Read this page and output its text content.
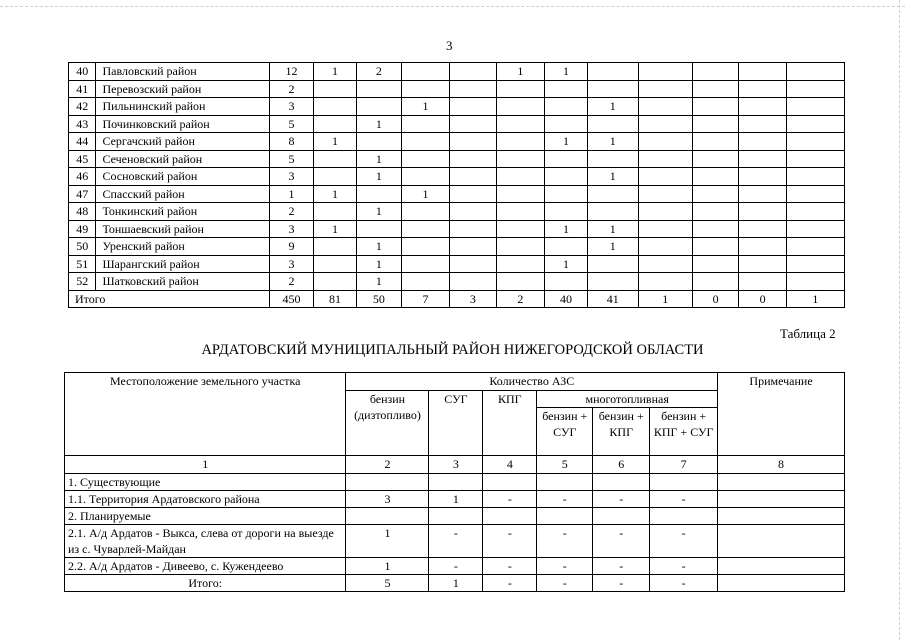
3
40	Павловский район	12	1	2			1	1					
41	Перевозский район	2											
42	Пильнинский район	3			1				1				
43	Починковский район	5		1									
44	Сергачский район	8	1					1	1				
45	Сеченовский район	5		1									
46	Сосновский район	3		1					1				
47	Спасский район	1	1		1								
48	Тонкинский район	2		1									
49	Тоншаевский район	3	1					1	1				
50	Уренский район	9		1					1				
51	Шарангский район	3		1				1					
52	Шатковский район	2		1									
Итого		450	81	50	7	3	2	40	41	1	0	0	1
Таблица 2
АРДАТОВСКИЙ МУНИЦИПАЛЬНЫЙ РАЙОН НИЖЕГОРОДСКОЙ ОБЛАСТИ
Местоположение земельного участка	Количество АЗС						Примечание
	бензин (дизтопливо)	СУГ	КПГ	многотопливная			
				бензин + СУГ	бензин + КПГ	бензин + КПГ + СУГ	
1	2	3	4	5	6	7	8
1. Существующие							
1.1. Территория Ардатовского района	3	1	-	-	-	-	
2. Планируемые							
2.1. А/д Ардатов - Выкса, слева от дороги на выезде из с. Чуварлей-Майдан	1	-	-	-	-	-	
2.2. А/д Ардатов - Дивеево, с. Кужендеево	1	-	-	-	-	-	
Итого:	5	1	-	-	-	-	
